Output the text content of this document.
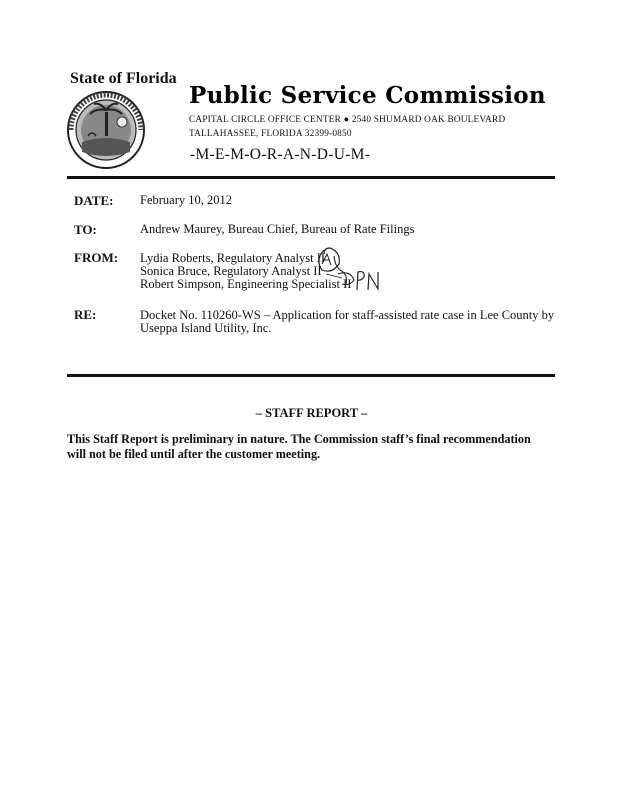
State of Florida
Public Service Commission
CAPITAL CIRCLE OFFICE CENTER ● 2540 SHUMARD OAK BOULEVARD
TALLAHASSEE, FLORIDA 32399-0850
-M-E-M-O-R-A-N-D-U-M-
DATE: February 10, 2012
TO:	Andrew Maurey, Bureau Chief, Bureau of Rate Filings
FROM: Lydia Roberts, Regulatory Analyst II
Sonica Bruce, Regulatory Analyst II
Robert Simpson, Engineering Specialist II
RE:	Docket No. 110260-WS – Application for staff-assisted rate case in Lee County by
Useppa Island Utility, Inc.
– STAFF REPORT –
This Staff Report is preliminary in nature. The Commission staff’s final recommendation
will not be filed until after the customer meeting.
